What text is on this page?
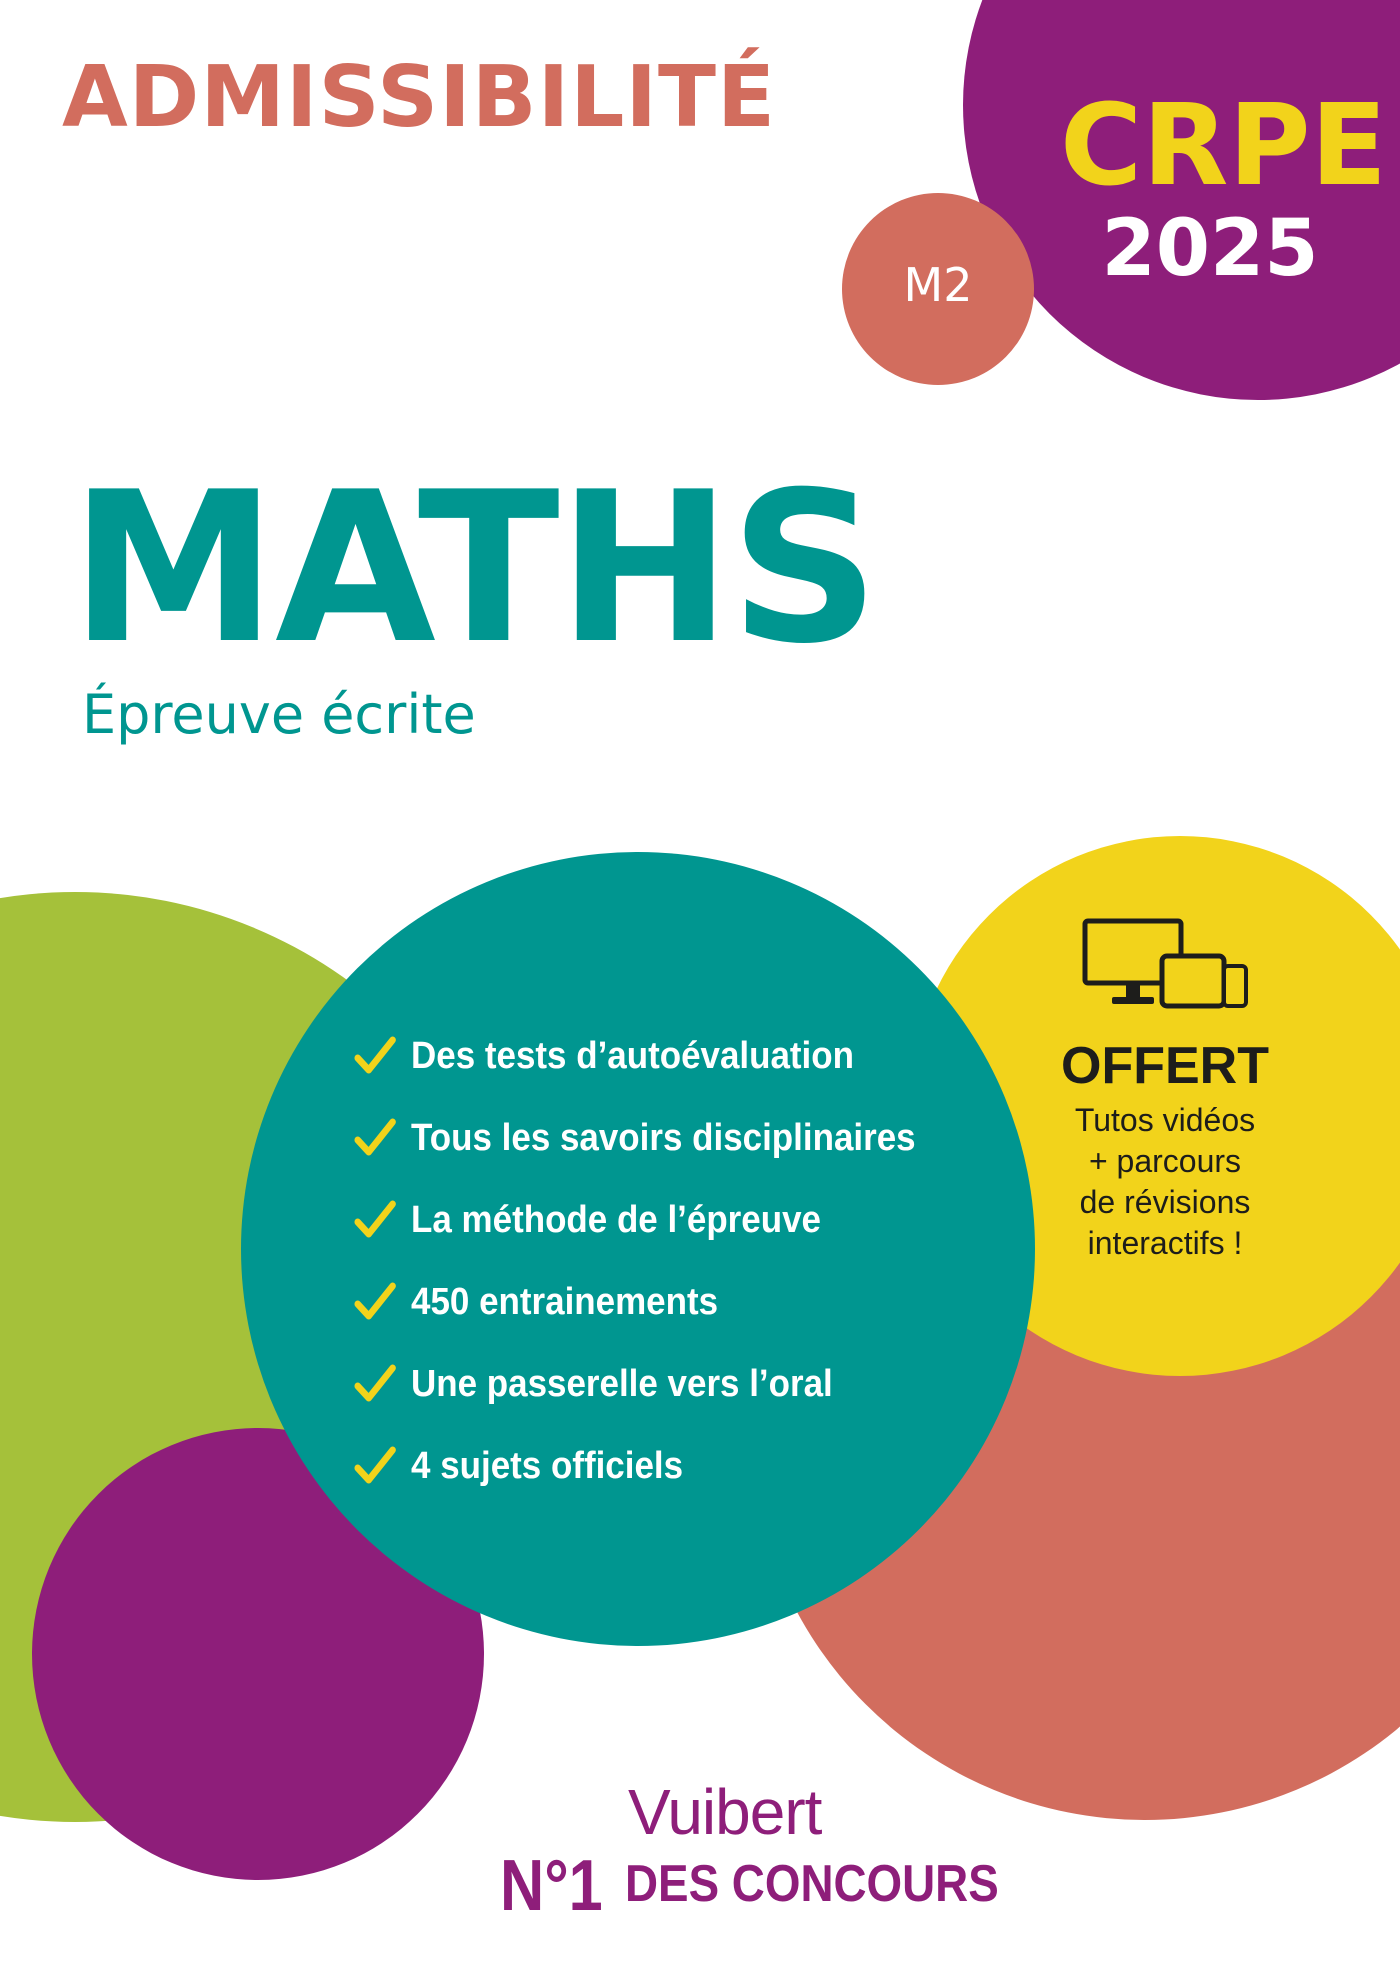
ADMISSIBILITÉ	CRPE
2025
M2
MATHS
Épreuve écrite
Des tests d’autoévaluation
Tous les savoirs disciplinaires
La méthode de l’épreuve
450 entrainements
Une passerelle vers l’oral
4 sujets officiels
OFFERT
Tutos vidéos
+ parcours
de révisions
interactifs !
Vuibert
N°1 DES CONCOURS
